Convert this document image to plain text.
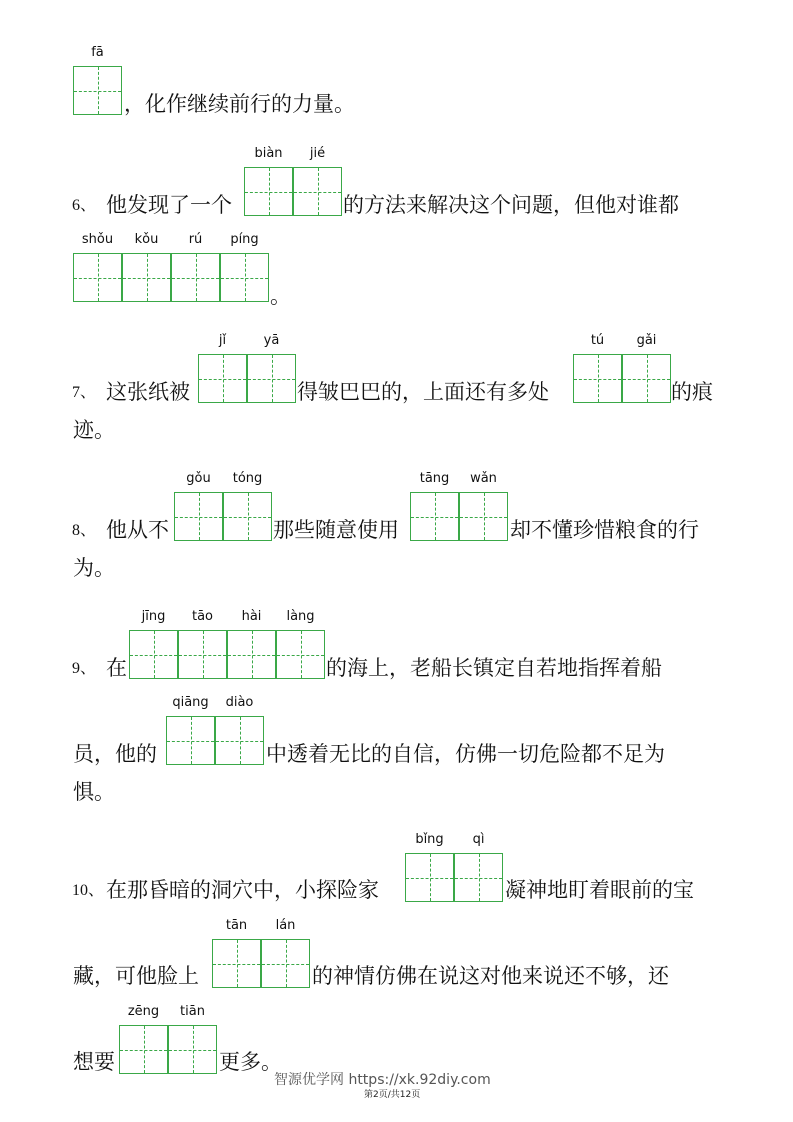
fā
，化作继续前行的力量。
6、 他发现了一个
biàn	jié
的方法来解决这个问题，但他对谁都
shǒu	kǒu	rú	píng
。
7、 这张纸被
jǐ	yā
得皱巴巴的，上面还有多处
tú	gǎi
的痕
迹。
8、 他从不
gǒu	tóng
那些随意使用
tāng	wǎn
却不懂珍惜粮食的行
为。
9、 在
jīng	tāo	hài	làng
的海上，老船长镇定自若地指挥着船
员，他的
qiāng	diào
中透着无比的自信，仿佛一切危险都不足为
惧。
10、 在那昏暗的洞穴中，小探险家
bǐng	qì
凝神地盯着眼前的宝
藏，可他脸上
tān	lán
的神情仿佛在说这对他来说还不够，还
想要
zēng	tiān
更多。
智源优学网 https://xk.92diy.com
第2页/共12页
